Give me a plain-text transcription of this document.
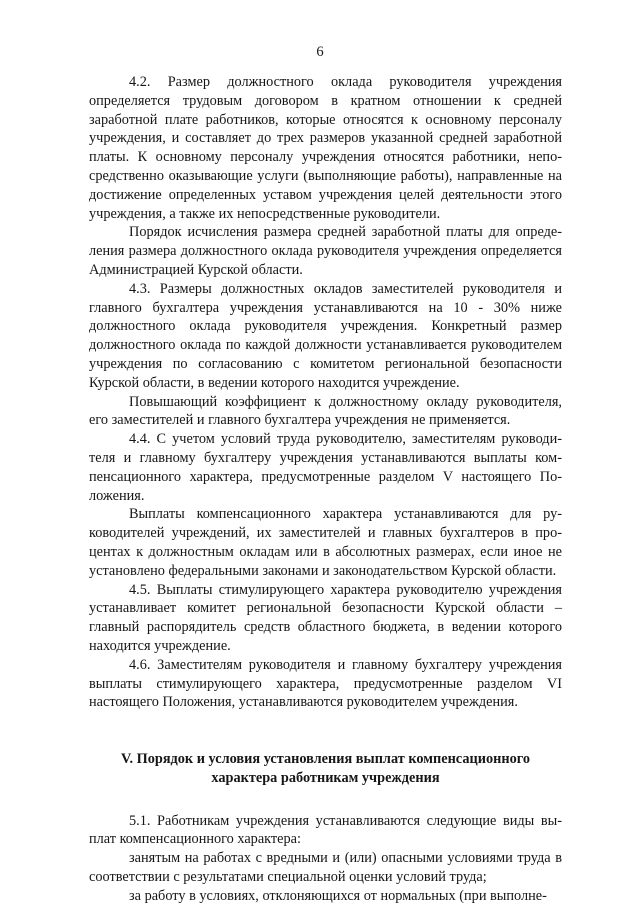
6

4.2. Размер должностного оклада руководителя учреждения определяется трудовым договором в кратном отношении к средней заработной плате работников, которые относятся к основному персоналу учреждения, и составляет до трех размеров указанной средней заработной платы. К основному персоналу учреждения относятся работники, непосредственно оказывающие услуги (выполняющие работы), направленные на достижение определенных уставом учреждения целей деятельности этого учреждения, а также их непосредственные руководители.

Порядок исчисления размера средней заработной платы для определения размера должностного оклада руководителя учреждения определяется Администрацией Курской области.

4.3. Размеры должностных окладов заместителей руководителя и главного бухгалтера учреждения устанавливаются на 10 - 30% ниже должностного оклада руководителя учреждения. Конкретный размер должностного оклада по каждой должности устанавливается руководителем учреждения по согласованию с комитетом региональной безопасности Курской области, в ведении которого находится учреждение.

Повышающий коэффициент к должностному окладу руководителя, его заместителей и главного бухгалтера учреждения не применяется.

4.4. С учетом условий труда руководителю, заместителям руководителя и главному бухгалтеру учреждения устанавливаются выплаты компенсационного характера, предусмотренные разделом V настоящего Положения.

Выплаты компенсационного характера устанавливаются для руководителей учреждений, их заместителей и главных бухгалтеров в процентах к должностным окладам или в абсолютных размерах, если иное не установлено федеральными законами и законодательством Курской области.

4.5. Выплаты стимулирующего характера руководителю учреждения устанавливает комитет региональной безопасности Курской области – главный распорядитель средств областного бюджета, в ведении которого находится учреждение.

4.6. Заместителям руководителя и главному бухгалтеру учреждения выплаты стимулирующего характера, предусмотренные разделом VI настоящего Положения, устанавливаются руководителем учреждения.

V. Порядок и условия установления выплат компенсационного
характера работникам учреждения

5.1. Работникам учреждения устанавливаются следующие виды выплат компенсационного характера:

занятым на работах с вредными и (или) опасными условиями труда в соответствии с результатами специальной оценки условий труда;

за работу в условиях, отклоняющихся от нормальных (при выполне-
